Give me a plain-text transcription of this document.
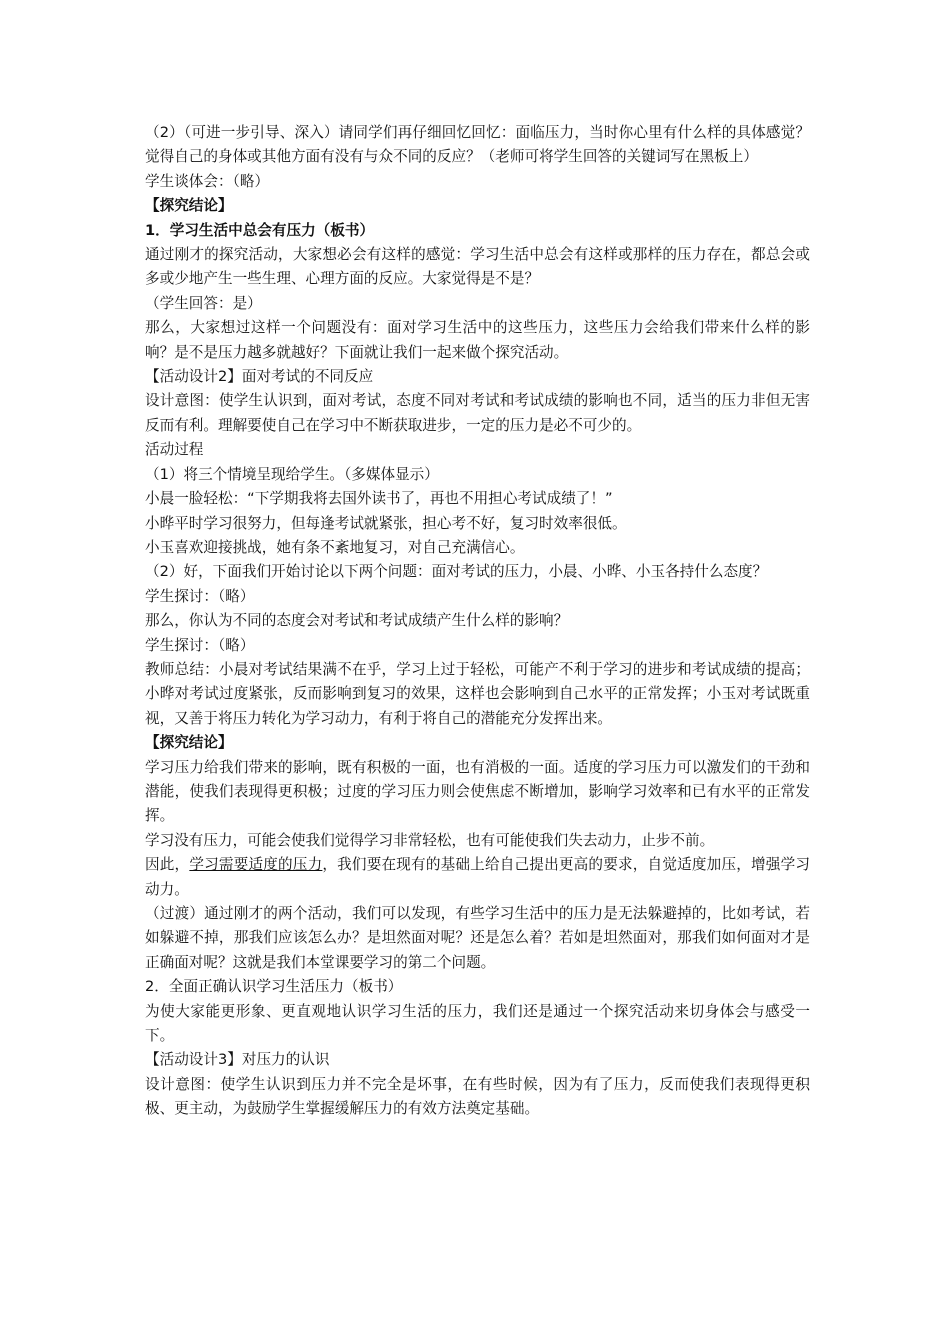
（2）（可进一步引导、深入）请同学们再仔细回忆回忆：面临压力，当时你心里有什么样的具体感觉？觉得自己的身体或其他方面有没有与众不同的反应？（老师可将学生回答的关键词写在黑板上）

学生谈体会：（略）

【探究结论】

1．学习生活中总会有压力（板书）

通过刚才的探究活动，大家想必会有这样的感觉：学习生活中总会有这样或那样的压力存在，都总会或多或少地产生一些生理、心理方面的反应。大家觉得是不是？

（学生回答：是）

那么，大家想过这样一个问题没有：面对学习生活中的这些压力，这些压力会给我们带来什么样的影响？是不是压力越多就越好？下面就让我们一起来做个探究活动。

【活动设计2】面对考试的不同反应

设计意图：使学生认识到，面对考试，态度不同对考试和考试成绩的影响也不同，适当的压力非但无害反而有利。理解要使自己在学习中不断获取进步，一定的压力是必不可少的。

活动过程

（1）将三个情境呈现给学生。（多媒体显示）

小晨一脸轻松：“下学期我将去国外读书了，再也不用担心考试成绩了！”

小晔平时学习很努力，但每逢考试就紧张，担心考不好，复习时效率很低。

小玉喜欢迎接挑战，她有条不紊地复习，对自己充满信心。

（2）好，下面我们开始讨论以下两个问题：面对考试的压力，小晨、小晔、小玉各持什么态度？

学生探讨：（略）

那么，你认为不同的态度会对考试和考试成绩产生什么样的影响？

学生探讨：（略）

教师总结：小晨对考试结果满不在乎，学习上过于轻松，可能产不利于学习的进步和考试成绩的提高；小晔对考试过度紧张，反而影响到复习的效果，这样也会影响到自己水平的正常发挥；小玉对考试既重视，又善于将压力转化为学习动力，有利于将自己的潜能充分发挥出来。

【探究结论】

学习压力给我们带来的影响，既有积极的一面，也有消极的一面。适度的学习压力可以激发们的干劲和潜能，使我们表现得更积极；过度的学习压力则会使焦虑不断增加，影响学习效率和已有水平的正常发挥。

学习没有压力，可能会使我们觉得学习非常轻松，也有可能使我们失去动力，止步不前。

因此，学习需要适度的压力，我们要在现有的基础上给自己提出更高的要求，自觉适度加压，增强学习动力。

（过渡）通过刚才的两个活动，我们可以发现，有些学习生活中的压力是无法躲避掉的，比如考试，若如躲避不掉，那我们应该怎么办？是坦然面对呢？还是怎么着？若如是坦然面对，那我们如何面对才是正确面对呢？这就是我们本堂课要学习的第二个问题。

2．全面正确认识学习生活压力（板书）

为使大家能更形象、更直观地认识学习生活的压力，我们还是通过一个探究活动来切身体会与感受一下。

【活动设计3】对压力的认识

设计意图：使学生认识到压力并不完全是坏事，在有些时候，因为有了压力，反而使我们表现得更积极、更主动，为鼓励学生掌握缓解压力的有效方法奠定基础。
